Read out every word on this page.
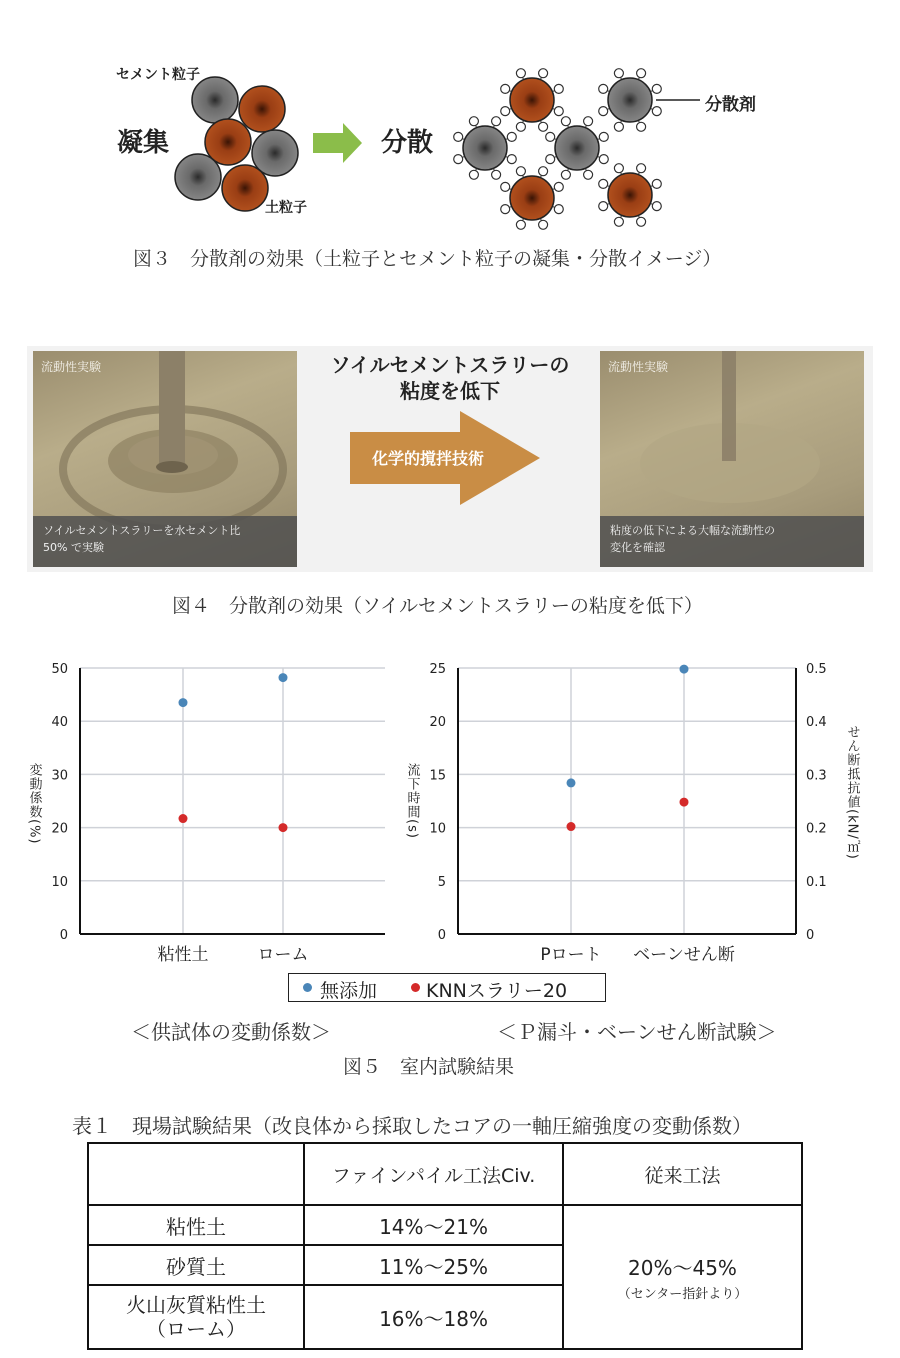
セメント粒子
土粒子
凝集	分散
分散剤
図３　分散剤の効果（土粒子とセメント粒子の凝集・分散イメージ）
流動性実験
ソイルセメントスラリーを水セメント比
50% で実験
ソイルセメントスラリーの
粘度を低下
化学的撹拌技術
流動性実験
粘度の低下による大幅な流動性の
変化を確認
図４　分散剤の効果（ソイルセメントスラリーの粘度を低下）
0
10
20
30
40
50
粘性土	ローム
変動係数(%)
0
5
10
15
20
25
0
0.1
0.2
0.3
0.4
0.5
Pロート ベーンせん断
流下時間(s)	せん断抵抗値(kN/㎡)
無添加	KNNスラリー20
＜供試体の変動係数＞	＜Ｐ漏斗・ベーンせん断試験＞
図５　室内試験結果
表１　現場試験結果（改良体から採取したコアの一軸圧縮強度の変動係数）
	ファインパイル工法Civ.	従来工法
粘性土	14%～21%	20%～45%
（センター指針より）

砂質土	11%～25%	

火山灰質粘性土
（ローム）	16%～18%	
